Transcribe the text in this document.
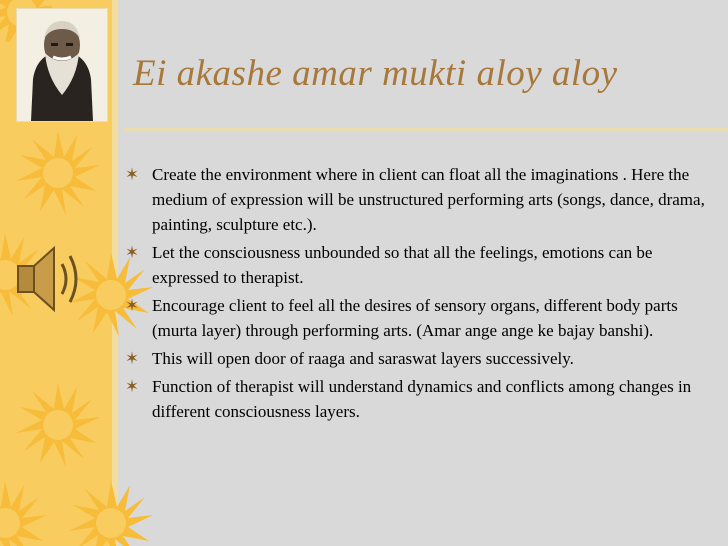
Ei akashe amar mukti aloy aloy
✶ Create the environment where in client can float all the imaginations . Here the medium of expression will be unstructured performing arts (songs, dance, drama, painting, sculpture etc.).
✶ Let the consciousness unbounded so that all the feelings, emotions can be expressed to therapist.
✶ Encourage client to feel all the desires of sensory organs, different body parts (murta layer) through performing arts. (Amar ange ange ke bajay banshi).
✶ This will open door of raaga and saraswat layers successively.
✶ Function of therapist will understand dynamics and conflicts among changes in different consciousness layers.
